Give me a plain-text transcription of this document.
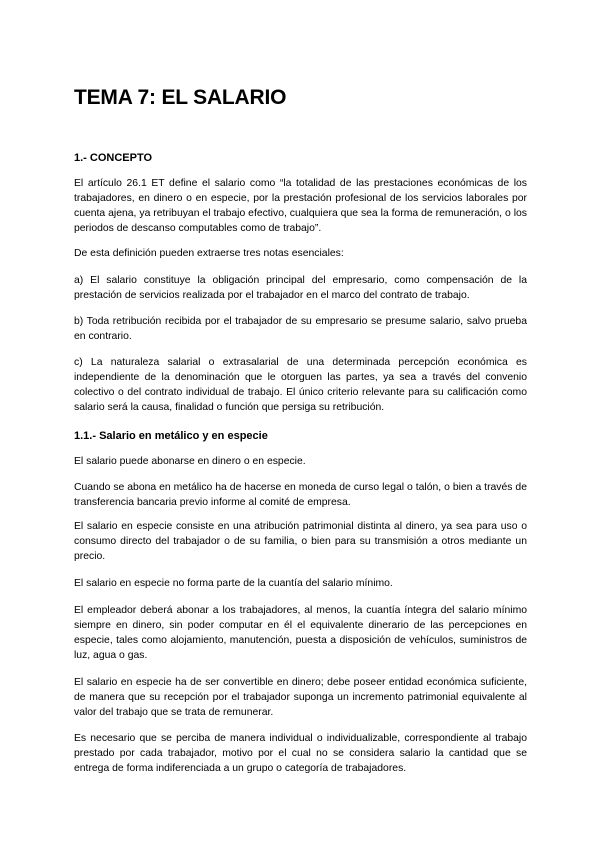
TEMA 7: EL SALARIO
1.- CONCEPTO

El artículo 26.1 ET define el salario como “la totalidad de las prestaciones económicas de los trabajadores, en dinero o en especie, por la prestación profesional de los servicios laborales por cuenta ajena, ya retribuyan el trabajo efectivo, cualquiera que sea la forma de remuneración, o los periodos de descanso computables como de trabajo”.

De esta definición pueden extraerse tres notas esenciales:

a) El salario constituye la obligación principal del empresario, como compensación de la prestación de servicios realizada por el trabajador en el marco del contrato de trabajo.

b) Toda retribución recibida por el trabajador de su empresario se presume salario, salvo prueba en contrario.

c) La naturaleza salarial o extrasalarial de una determinada percepción económica es independiente de la denominación que le otorguen las partes, ya sea a través del convenio colectivo o del contrato individual de trabajo. El único criterio relevante para su calificación como salario será la causa, finalidad o función que persiga su retribución.

1.1.- Salario en metálico y en especie

El salario puede abonarse en dinero o en especie.

Cuando se abona en metálico ha de hacerse en moneda de curso legal o talón, o bien a través de transferencia bancaria previo informe al comité de empresa.

El salario en especie consiste en una atribución patrimonial distinta al dinero, ya sea para uso o consumo directo del trabajador o de su familia, o bien para su transmisión a otros mediante un precio.

El salario en especie no forma parte de la cuantía del salario mínimo.

El empleador deberá abonar a los trabajadores, al menos, la cuantía íntegra del salario mínimo siempre en dinero, sin poder computar en él el equivalente dinerario de las percepciones en especie, tales como alojamiento, manutención, puesta a disposición de vehículos, suministros de luz, agua o gas.

El salario en especie ha de ser convertible en dinero; debe poseer entidad económica suficiente, de manera que su recepción por el trabajador suponga un incremento patrimonial equivalente al valor del trabajo que se trata de remunerar.

Es necesario que se perciba de manera individual o individualizable, correspondiente al trabajo prestado por cada trabajador, motivo por el cual no se considera salario la cantidad que se entrega de forma indiferenciada a un grupo o categoría de trabajadores.
